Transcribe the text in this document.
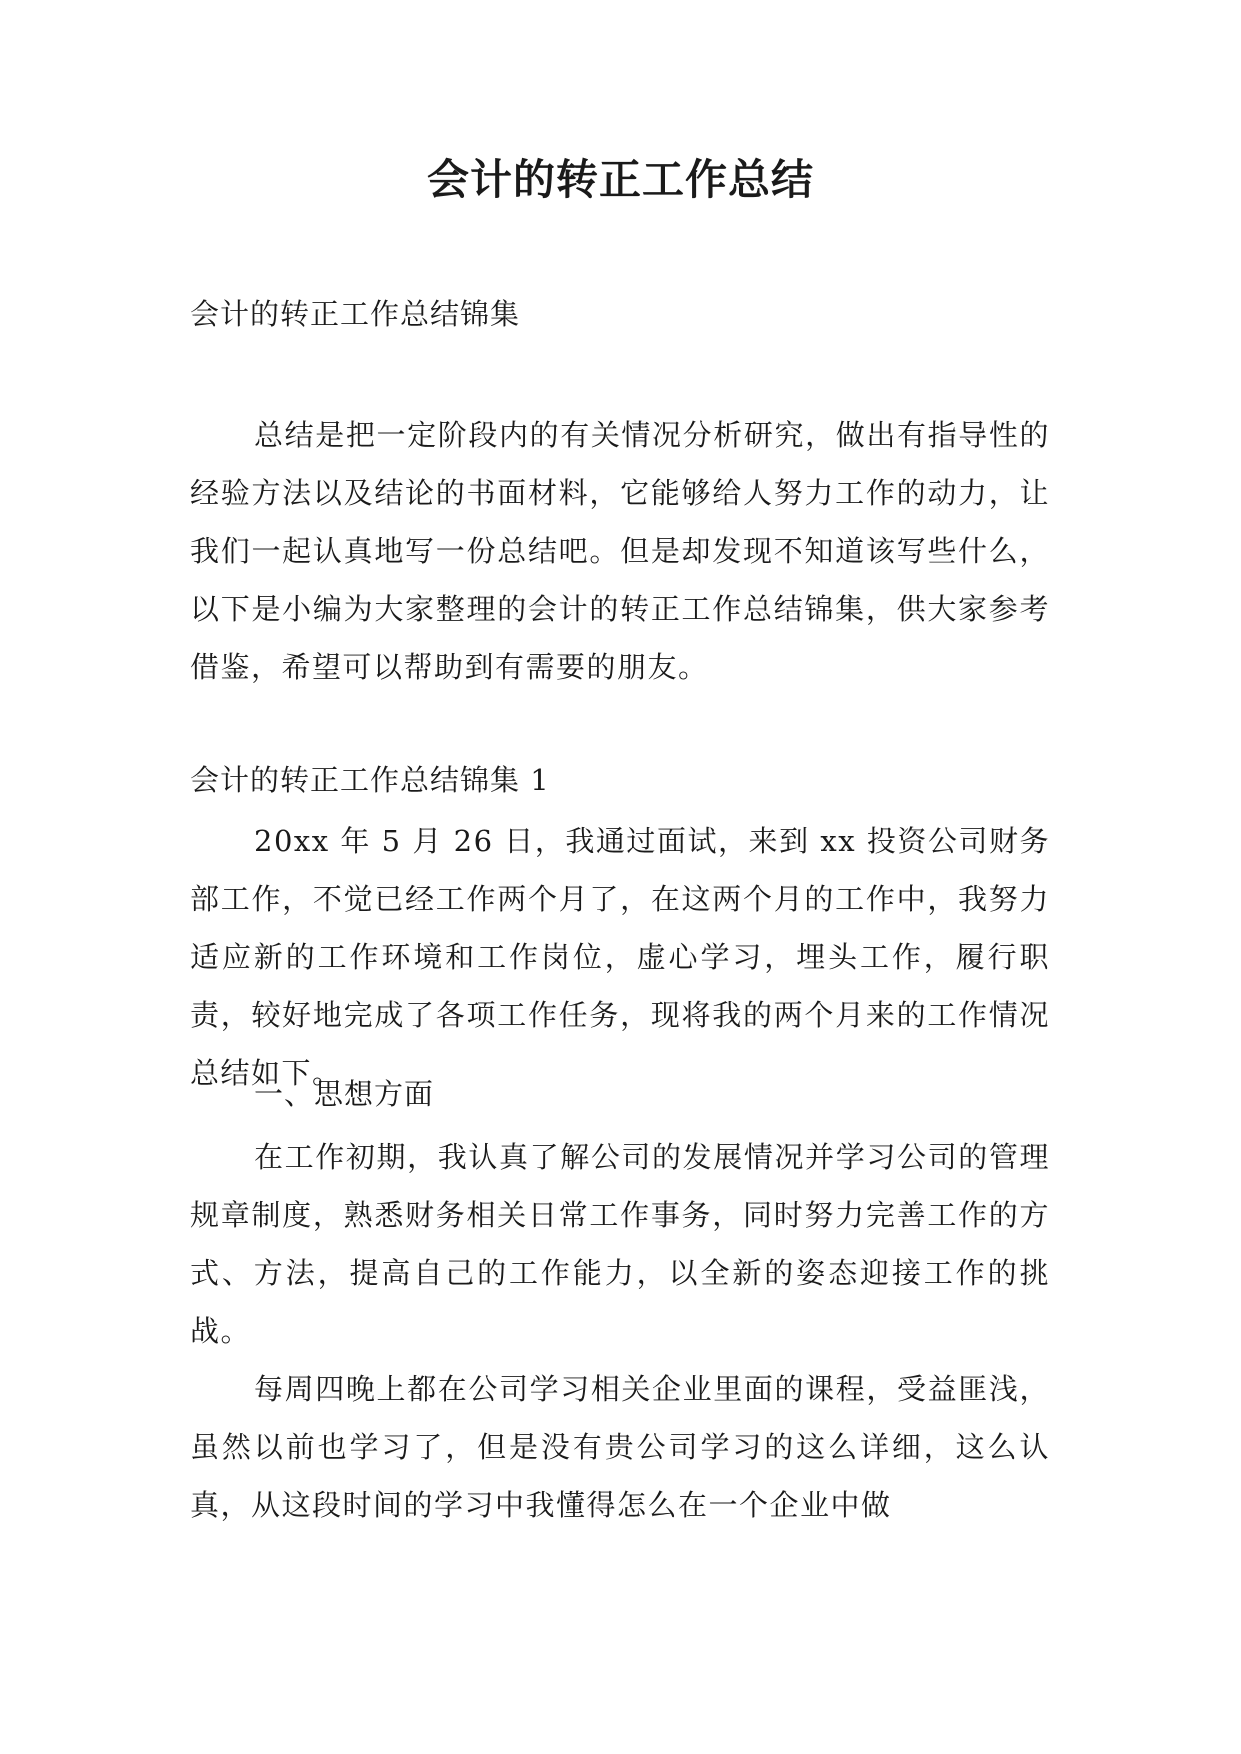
会计的转正工作总结

会计的转正工作总结锦集

总结是把一定阶段内的有关情况分析研究，做出有指导性的经验方法以及结论的书面材料，它能够给人努力工作的动力，让我们一起认真地写一份总结吧。但是却发现不知道该写些什么，以下是小编为大家整理的会计的转正工作总结锦集，供大家参考借鉴，希望可以帮助到有需要的朋友。

会计的转正工作总结锦集 1

20xx 年 5 月 26 日，我通过面试，来到 xx 投资公司财务部工作，不觉已经工作两个月了，在这两个月的工作中，我努力适应新的工作环境和工作岗位，虚心学习，埋头工作，履行职责，较好地完成了各项工作任务，现将我的两个月来的工作情况总结如下。

一、思想方面

在工作初期，我认真了解公司的发展情况并学习公司的管理规章制度，熟悉财务相关日常工作事务，同时努力完善工作的方式、方法，提高自己的工作能力，以全新的姿态迎接工作的挑战。

每周四晚上都在公司学习相关企业里面的课程，受益匪浅，虽然以前也学习了，但是没有贵公司学习的这么详细，这么认真，从这段时间的学习中我懂得怎么在一个企业中做
